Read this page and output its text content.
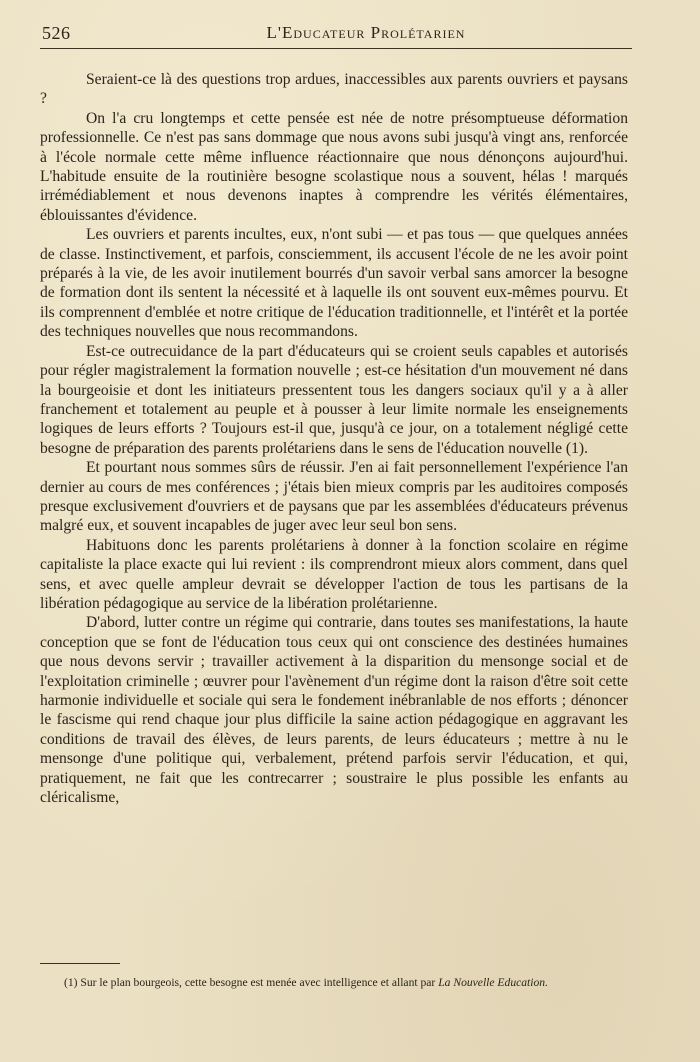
526	L'Educateur Prolétarien

Seraient-ce là des questions trop ardues, inaccessibles aux parents ouvriers et paysans ?

On l'a cru longtemps et cette pensée est née de notre présomptueuse déformation professionnelle. Ce n'est pas sans dommage que nous avons subi jusqu'à vingt ans, renforcée à l'école normale cette même influence réactionnaire que nous dénonçons aujourd'hui. L'habitude ensuite de la routinière besogne scolastique nous a souvent, hélas ! marqués irrémédiablement et nous devenons inaptes à comprendre les vérités élémentaires, éblouissantes d'évidence.

Les ouvriers et parents incultes, eux, n'ont subi — et pas tous — que quelques années de classe. Instinctivement, et parfois, consciemment, ils accusent l'école de ne les avoir point préparés à la vie, de les avoir inutilement bourrés d'un savoir verbal sans amorcer la besogne de formation dont ils sentent la nécessité et à laquelle ils ont souvent eux-mêmes pourvu. Et ils comprennent d'emblée et notre critique de l'éducation traditionnelle, et l'intérêt et la portée des techniques nouvelles que nous recommandons.

Est-ce outrecuidance de la part d'éducateurs qui se croient seuls capables et autorisés pour régler magistralement la formation nouvelle ; est-ce hésitation d'un mouvement né dans la bourgeoisie et dont les initiateurs pressentent tous les dangers sociaux qu'il y a à aller franchement et totalement au peuple et à pousser à leur limite normale les enseignements logiques de leurs efforts ? Toujours est-il que, jusqu'à ce jour, on a totalement négligé cette besogne de préparation des parents prolétariens dans le sens de l'éducation nouvelle (1).

Et pourtant nous sommes sûrs de réussir. J'en ai fait personnellement l'expérience l'an dernier au cours de mes conférences ; j'étais bien mieux compris par les auditoires composés presque exclusivement d'ouvriers et de paysans que par les assemblées d'éducateurs prévenus malgré eux, et souvent incapables de juger avec leur seul bon sens.

Habituons donc les parents prolétariens à donner à la fonction scolaire en régime capitaliste la place exacte qui lui revient : ils comprendront mieux alors comment, dans quel sens, et avec quelle ampleur devrait se développer l'action de tous les partisans de la libération pédagogique au service de la libération prolétarienne.

D'abord, lutter contre un régime qui contrarie, dans toutes ses manifestations, la haute conception que se font de l'éducation tous ceux qui ont conscience des destinées humaines que nous devons servir ; travailler activement à la disparition du mensonge social et de l'exploitation criminelle ; œuvrer pour l'avènement d'un régime dont la raison d'être soit cette harmonie individuelle et sociale qui sera le fondement inébranlable de nos efforts ; dénoncer le fascisme qui rend chaque jour plus difficile la saine action pédagogique en aggravant les conditions de travail des élèves, de leurs parents, de leurs éducateurs ; mettre à nu le mensonge d'une politique qui, verbalement, prétend parfois servir l'éducation, et qui, pratiquement, ne fait que les contrecarrer ; soustraire le plus possible les enfants au cléricalisme,

(1) Sur le plan bourgeois, cette besogne est menée avec intelligence et allant par La Nouvelle Education.
